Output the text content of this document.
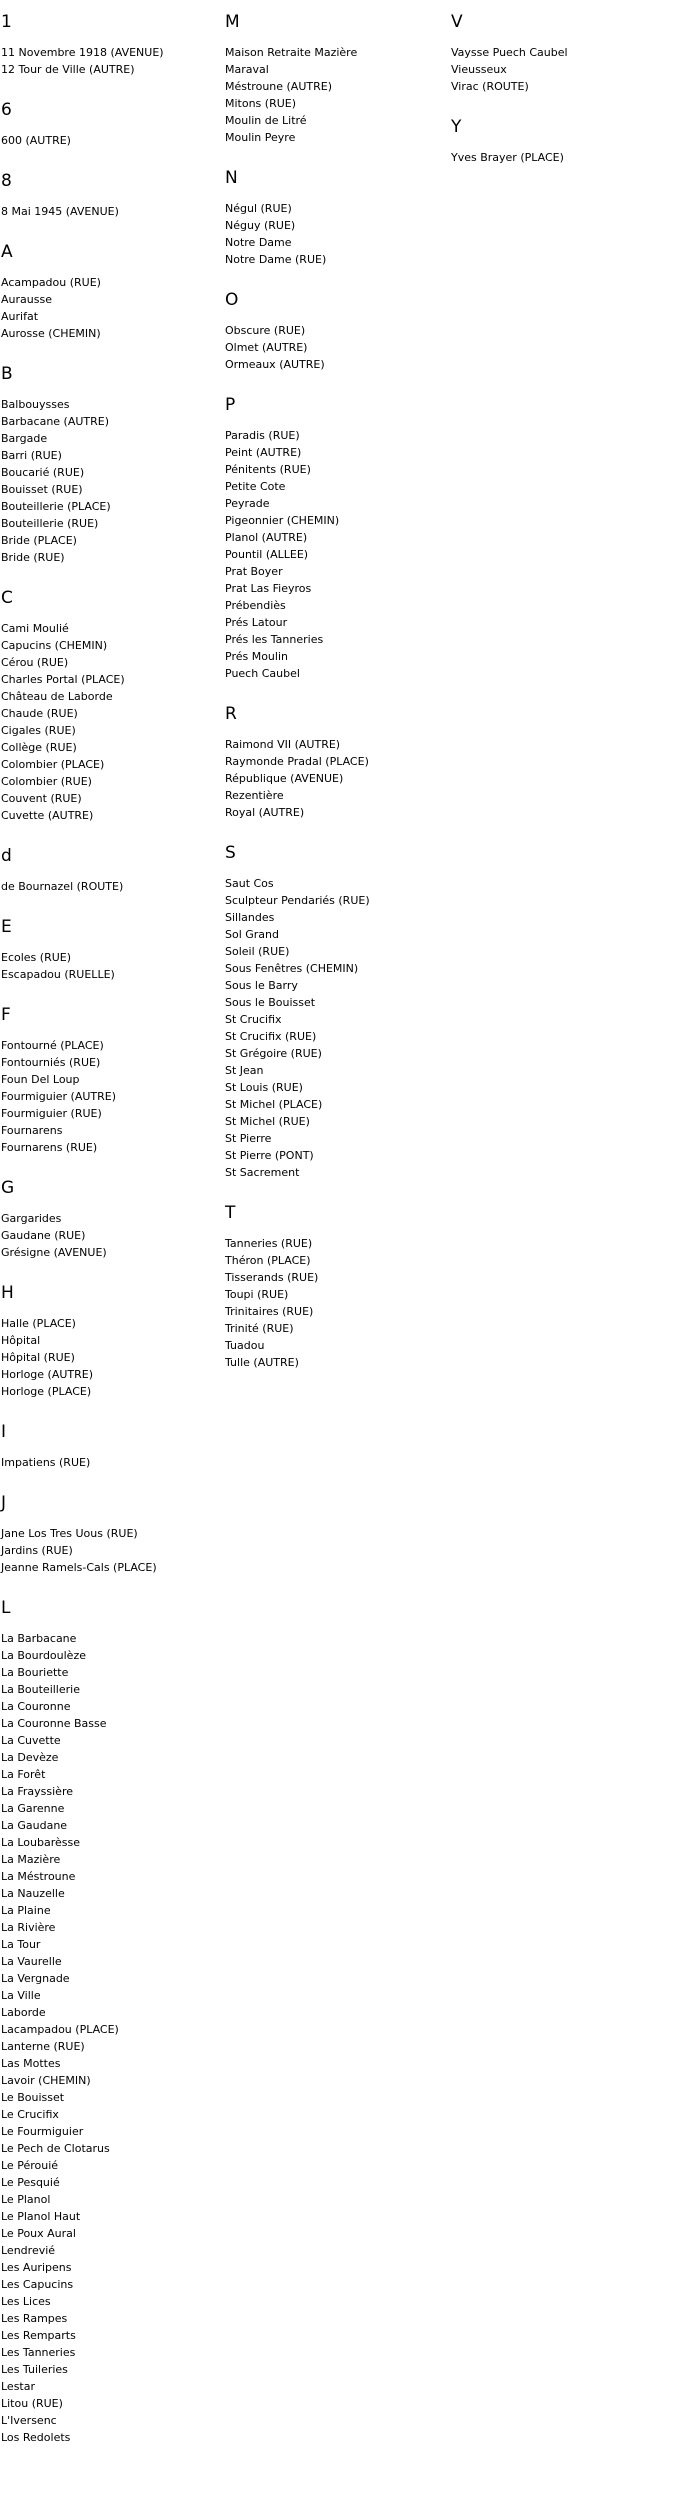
1
11 Novembre 1918 (AVENUE)
12 Tour de Ville (AUTRE)
6
600 (AUTRE)
8
8 Mai 1945 (AVENUE)
A
Acampadou (RUE)
Aurausse
Aurifat
Aurosse (CHEMIN)
B
Balbouysses
Barbacane (AUTRE)
Bargade
Barri (RUE)
Boucarié (RUE)
Bouisset (RUE)
Bouteillerie (PLACE)
Bouteillerie (RUE)
Bride (PLACE)
Bride (RUE)
C
Cami Moulié
Capucins (CHEMIN)
Cérou (RUE)
Charles Portal (PLACE)
Château de Laborde
Chaude (RUE)
Cigales (RUE)
Collège (RUE)
Colombier (PLACE)
Colombier (RUE)
Couvent (RUE)
Cuvette (AUTRE)
d
de Bournazel (ROUTE)
E
Ecoles (RUE)
Escapadou (RUELLE)
F
Fontourné (PLACE)
Fontourniés (RUE)
Foun Del Loup
Fourmiguier (AUTRE)
Fourmiguier (RUE)
Fournarens
Fournarens (RUE)
G
Gargarides
Gaudane (RUE)
Grésigne (AVENUE)
H
Halle (PLACE)
Hôpital
Hôpital (RUE)
Horloge (AUTRE)
Horloge (PLACE)
I
Impatiens (RUE)
J
Jane Los Tres Uous (RUE)
Jardins (RUE)
Jeanne Ramels-Cals (PLACE)
L
La Barbacane
La Bourdoulèze
La Bouriette
La Bouteillerie
La Couronne
La Couronne Basse
La Cuvette
La Devèze
La Forêt
La Frayssière
La Garenne
La Gaudane
La Loubarèsse
La Mazière
La Méstroune
La Nauzelle
La Plaine
La Rivière
La Tour
La Vaurelle
La Vergnade
La Ville
Laborde
Lacampadou (PLACE)
Lanterne (RUE)
Las Mottes
Lavoir (CHEMIN)
Le Bouisset
Le Crucifix
Le Fourmiguier
Le Pech de Clotarus
Le Pérouié
Le Pesquié
Le Planol
Le Planol Haut
Le Poux Aural
Lendrevié
Les Auripens
Les Capucins
Les Lices
Les Rampes
Les Remparts
Les Tanneries
Les Tuileries
Lestar
Litou (RUE)
L'Iversenc
Los Redolets
M
Maison Retraite Mazière
Maraval
Méstroune (AUTRE)
Mitons (RUE)
Moulin de Litré
Moulin Peyre
N
Négul (RUE)
Néguy (RUE)
Notre Dame
Notre Dame (RUE)
O
Obscure (RUE)
Olmet (AUTRE)
Ormeaux (AUTRE)
P
Paradis (RUE)
Peint (AUTRE)
Pénitents (RUE)
Petite Cote
Peyrade
Pigeonnier (CHEMIN)
Planol (AUTRE)
Pountil (ALLEE)
Prat Boyer
Prat Las Fieyros
Prébendiès
Prés Latour
Prés les Tanneries
Prés Moulin
Puech Caubel
R
Raimond VII (AUTRE)
Raymonde Pradal (PLACE)
République (AVENUE)
Rezentière
Royal (AUTRE)
S
Saut Cos
Sculpteur Pendariés (RUE)
Sillandes
Sol Grand
Soleil (RUE)
Sous Fenêtres (CHEMIN)
Sous le Barry
Sous le Bouisset
St Crucifix
St Crucifix (RUE)
St Grégoire (RUE)
St Jean
St Louis (RUE)
St Michel (PLACE)
St Michel (RUE)
St Pierre
St Pierre (PONT)
St Sacrement
T
Tanneries (RUE)
Théron (PLACE)
Tisserands (RUE)
Toupi (RUE)
Trinitaires (RUE)
Trinité (RUE)
Tuadou
Tulle (AUTRE)
V
Vaysse Puech Caubel
Vieusseux
Virac (ROUTE)
Y
Yves Brayer (PLACE)
